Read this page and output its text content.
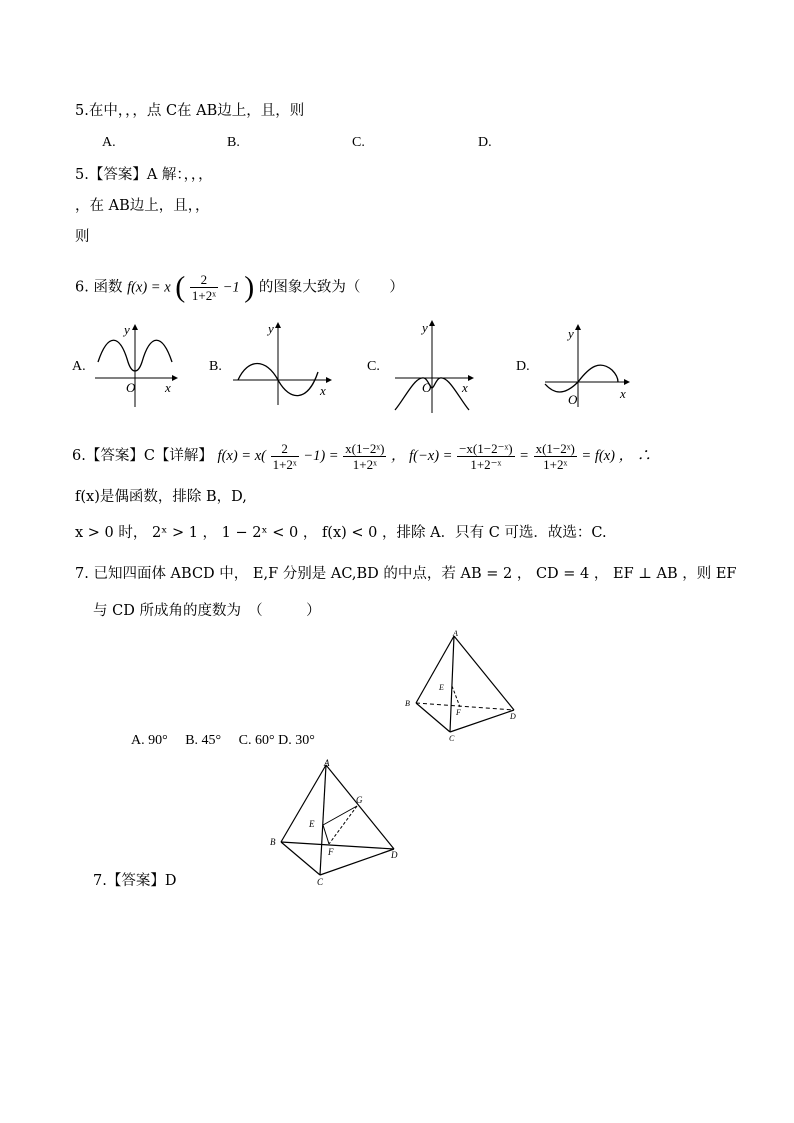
5.在中，，，点 C在 AB边上，且，则
A.	B.	C.	D.
5.【答案】A 解：，，，
，在 AB边上，且，，
则
6. 函数 f(x) = x ( $\frac{2}{\text{1+2ˣ}} -1$ ) 的图象大致为（　　）
A.	B.	C.	D.
y
x
O
y
x
y
x
O
y
x
O
6.【答案】C【详解】 $f(x) = x( \frac{2}{\text{1+2ˣ}} -1) = \frac{\text{x(1−2ˣ)}}{\text{1+2ˣ}}$ ， $f(-x) = \frac{\text{−x(1−2⁻ˣ)}}{\text{1+2⁻ˣ}} = \frac{\text{x(1−2ˣ)}}{\text{1+2ˣ}} = f(x)$ ， ∴
f(x)是偶函数，排除 B，D,
x > 0 时， 2ˣ > 1 ， 1 − 2ˣ < 0 ， f(x) < 0 ，排除 A．只有 C 可选．故选：C.
7. 已知四面体 ABCD 中， E,F 分别是 AC,BD 的中点，若 AB = 2 ， CD = 4 ， EF ⊥ AB ，则 EF
与 CD 所成角的度数为　（　　　）
A
B
C
D
E
F
A. 90°　 B. 45°　 C. 60° D. 30°
A
B
C
D
E
F
G
7.【答案】D
